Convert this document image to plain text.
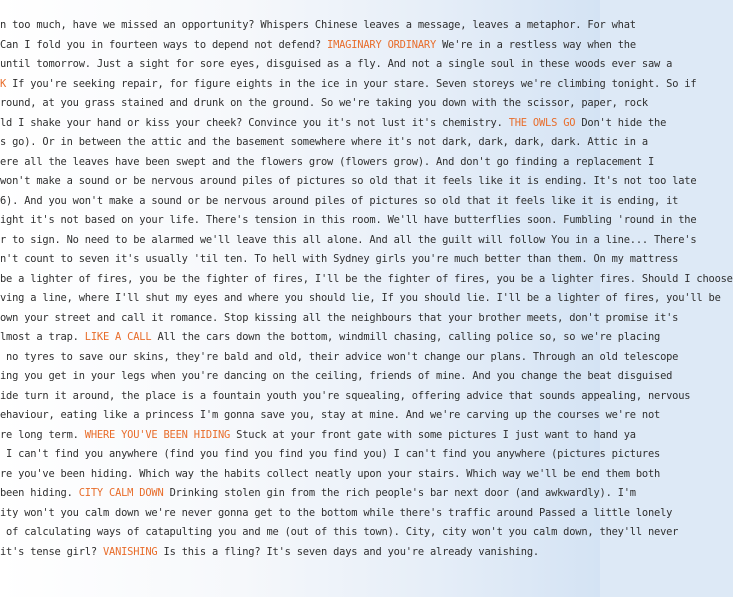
n too much, have we missed an opportunity? Whispers Chinese leaves a message, leaves a metaphor. For what
Can I fold you in fourteen ways to depend not defend? IMAGINARY ORDINARY We're in a restless way when the
until tomorrow. Just a sight for sore eyes, disguised as a fly. And not a single soul in these woods ever saw a
K If you're seeking repair, for figure eights in the ice in your stare. Seven storeys we're climbing tonight. So if
round, at you grass stained and drunk on the ground. So we're taking you down with the scissor, paper, rock
ld I shake your hand or kiss your cheek? Convince you it's not lust it's chemistry. THE OWLS GO Don't hide the
s go). Or in between the attic and the basement somewhere where it's not dark, dark, dark, dark. Attic in a
ere all the leaves have been swept and the flowers grow (flowers grow). And don't go finding a replacement I
won't make a sound or be nervous around piles of pictures so old that it feels like it is ending. It's not too late
6). And you won't make a sound or be nervous around piles of pictures so old that it feels like it is ending, it
ight it's not based on your life. There's tension in this room. We'll have butterflies soon. Fumbling 'round in the
r to sign. No need to be alarmed we'll leave this all alone. And all the guilt will follow You in a line... There's
n't count to seven it's usually 'til ten. To hell with Sydney girls you're much better than them. On my mattress
be a lighter of fires, you be the fighter of fires, I'll be the fighter of fires, you be a lighter fires. Should I choose
ving a line, where I'll shut my eyes and where you should lie, If you should lie. I'll be a lighter of fires, you'll be
own your street and call it romance. Stop kissing all the neighbours that your brother meets, don't promise it's
lmost a trap. LIKE A CALL All the cars down the bottom, windmill chasing, calling police so, so we're placing
no tyres to save our skins, they're bald and old, their advice won't change our plans. Through an old telescope
ing you get in your legs when you're dancing on the ceiling, friends of mine. And you change the beat disguised
ide turn it around, the place is a fountain youth you're squealing, offering advice that sounds appealing, nervous
ehaviour, eating like a princess I'm gonna save you, stay at mine. And we're carving up the courses we're not
re long term. WHERE YOU'VE BEEN HIDING Stuck at your front gate with some pictures I just want to hand ya
I can't find you anywhere (find you find you find you find you) I can't find you anywhere (pictures pictures
re you've been hiding. Which way the habits collect neatly upon your stairs. Which way we'll be end them both
been hiding. CITY CALM DOWN Drinking stolen gin from the rich people's bar next door (and awkwardly). I'm
ity won't you calm down we're never gonna get to the bottom while there's traffic around Passed a little lonely
of calculating ways of catapulting you and me (out of this town). City, city won't you calm down, they'll never
it's tense girl? VANISHING Is this a fling? It's seven days and you're already vanishing.
